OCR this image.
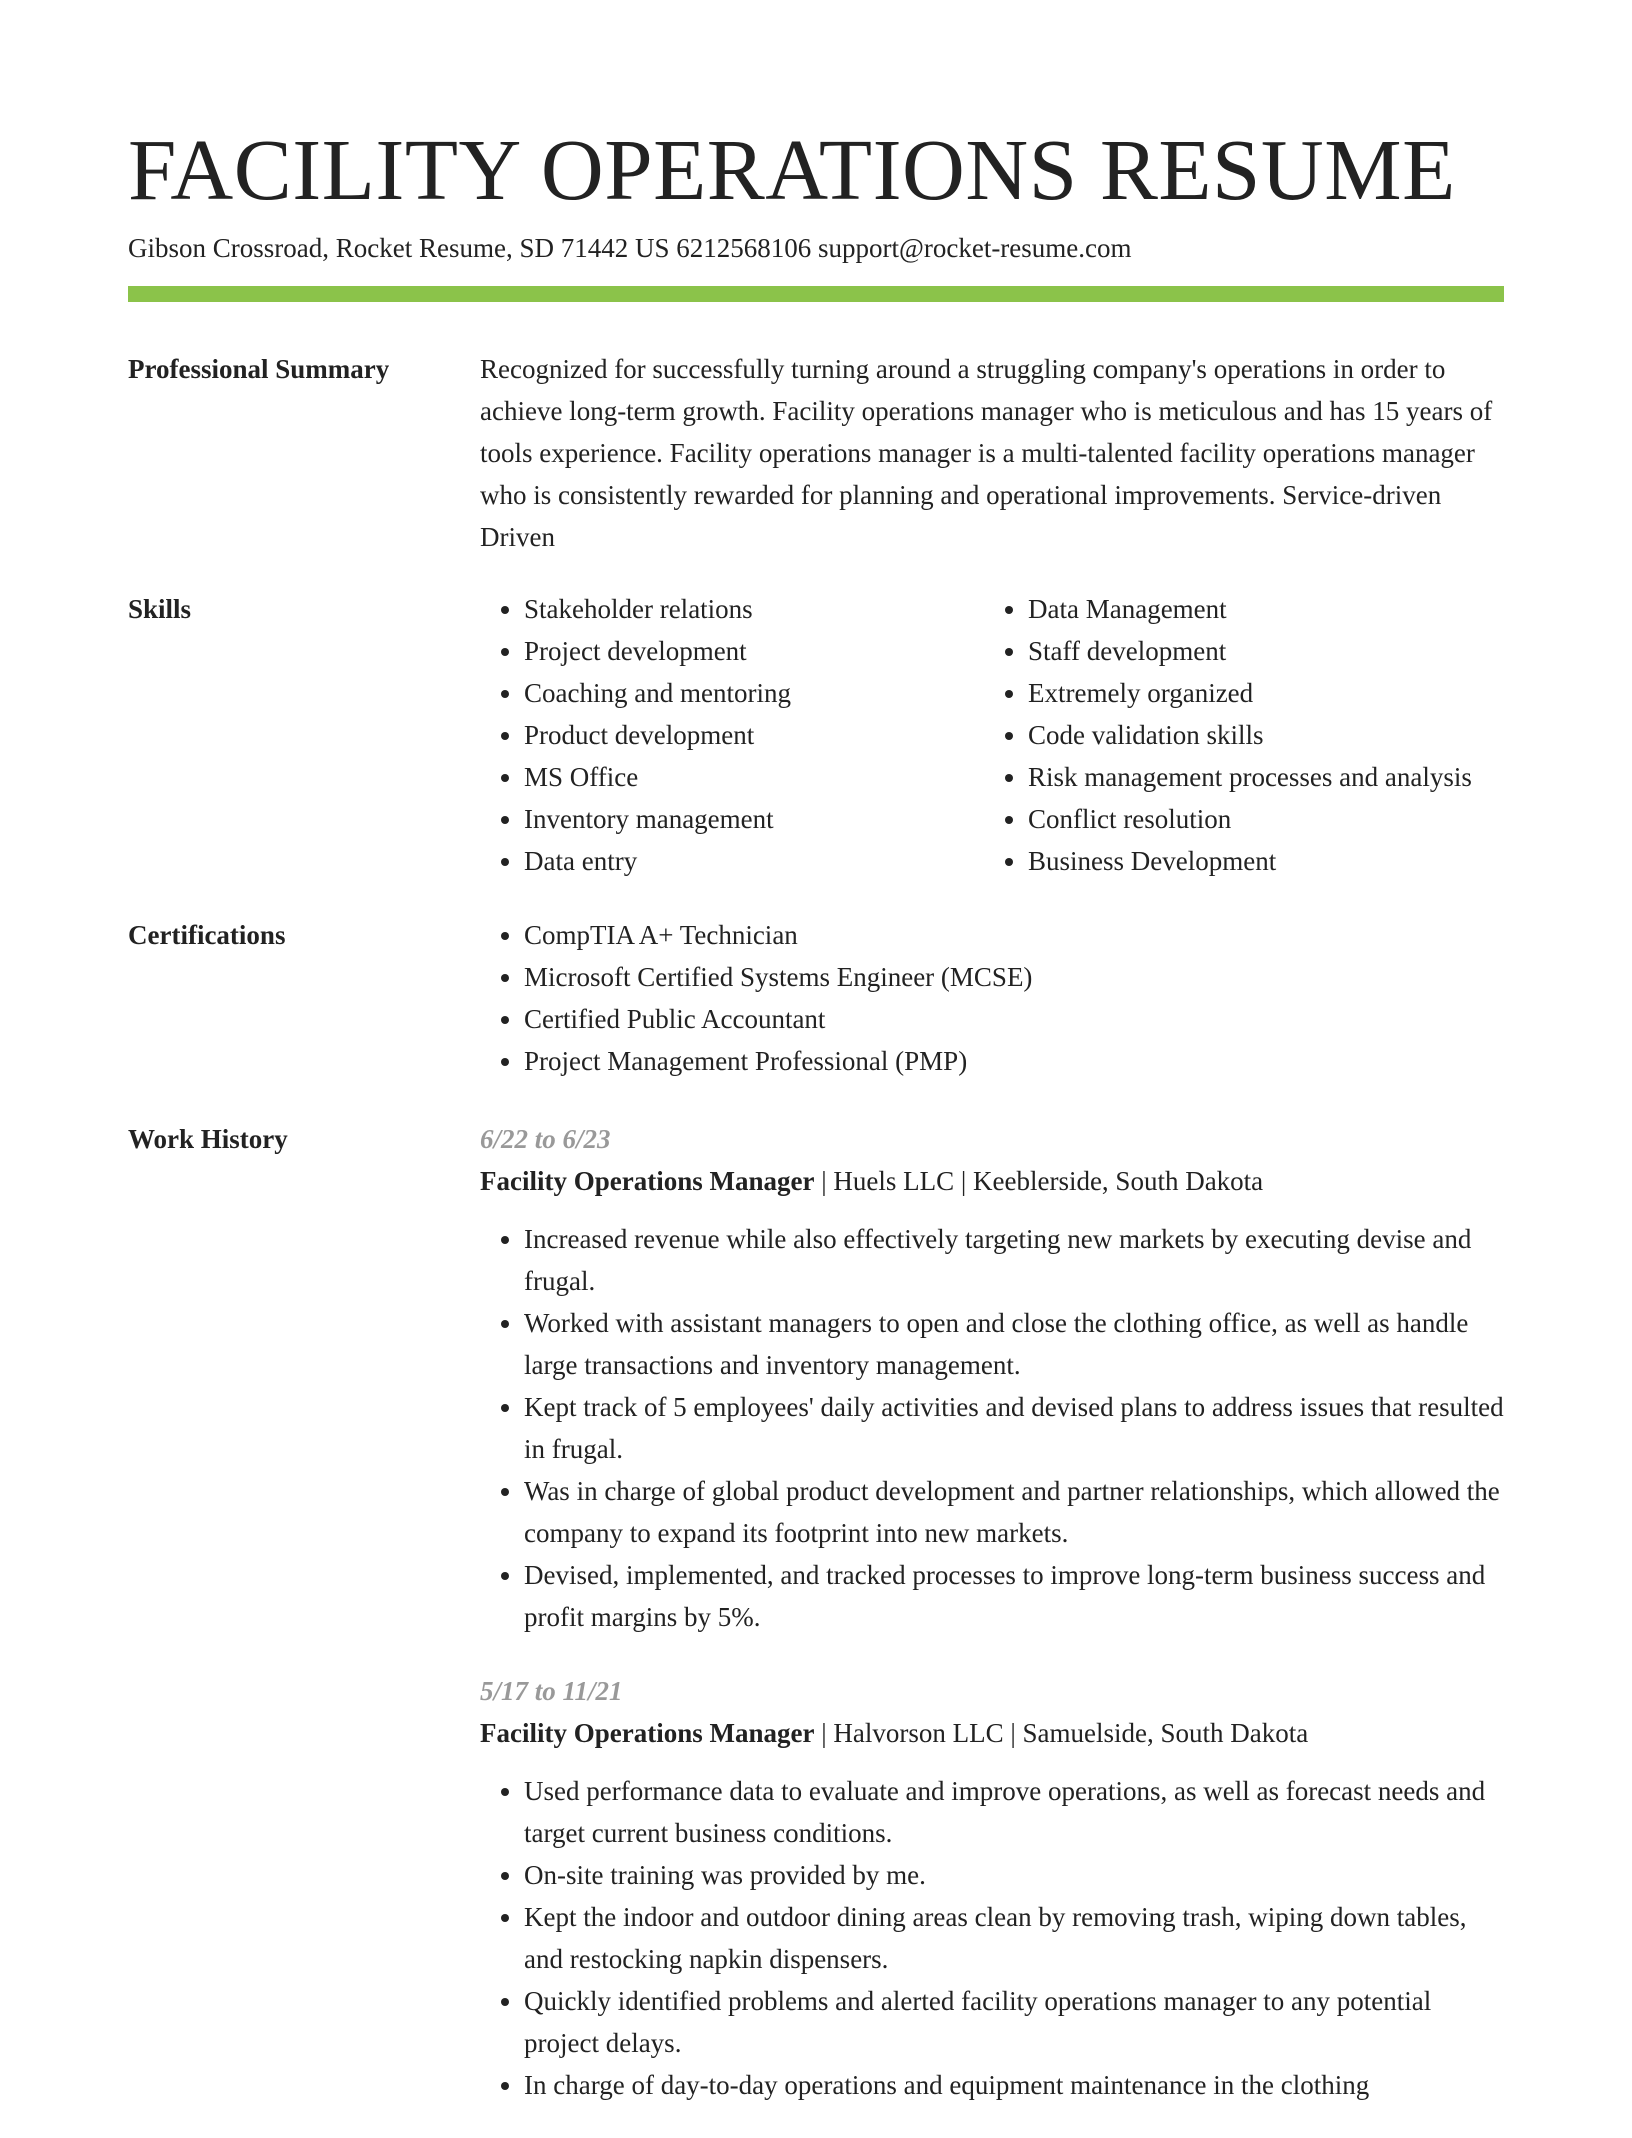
FACILITY OPERATIONS RESUME
Gibson Crossroad, Rocket Resume, SD 71442 US 6212568106 support@rocket-resume.com
Professional Summary	Recognized for successfully turning around a struggling company's operations in order to achieve long-term growth. Facility operations manager who is meticulous and has 15 years of tools experience. Facility operations manager is a multi-talented facility operations manager who is consistently rewarded for planning and operational improvements. Service-driven Driven

Skills	• Stakeholder relations
• Project development
• Coaching and mentoring
• Product development
• MS Office
• Inventory management
• Data entry
• Data Management
• Staff development
• Extremely organized
• Code validation skills
• Risk management processes and analysis
• Conflict resolution
• Business Development
Certifications	• CompTIA A+ Technician
• Microsoft Certified Systems Engineer (MCSE)
• Certified Public Accountant
• Project Management Professional (PMP)
Work History	6/22 to 6/23
Facility Operations Manager | Huels LLC | Keeblerside, South Dakota
• Increased revenue while also effectively targeting new markets by executing devise and frugal.
• Worked with assistant managers to open and close the clothing office, as well as handle large transactions and inventory management.
• Kept track of 5 employees' daily activities and devised plans to address issues that resulted in frugal.
• Was in charge of global product development and partner relationships, which allowed the company to expand its footprint into new markets.
• Devised, implemented, and tracked processes to improve long-term business success and profit margins by 5%.
5/17 to 11/21
Facility Operations Manager | Halvorson LLC | Samuelside, South Dakota
• Used performance data to evaluate and improve operations, as well as forecast needs and target current business conditions.
• On-site training was provided by me.
• Kept the indoor and outdoor dining areas clean by removing trash, wiping down tables, and restocking napkin dispensers.
• Quickly identified problems and alerted facility operations manager to any potential project delays.
• In charge of day-to-day operations and equipment maintenance in the clothing
